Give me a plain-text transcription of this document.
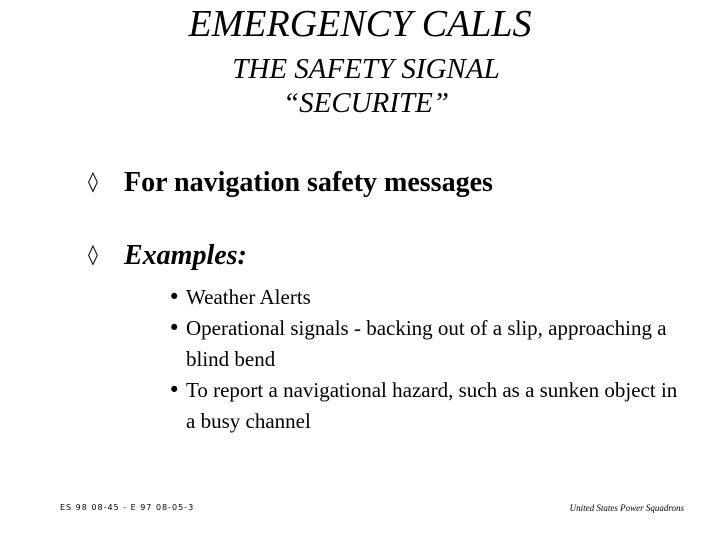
EMERGENCY CALLS
THE SAFETY SIGNAL
“SECURITE”
◊ For navigation safety messages
◊ Examples:
• Weather Alerts
• Operational signals - backing out of a slip, approaching a blind bend
• To report a navigational hazard, such as a sunken object in a busy channel
ES 98 08-45 - E 97 08-05-3	United States Power Squadrons
